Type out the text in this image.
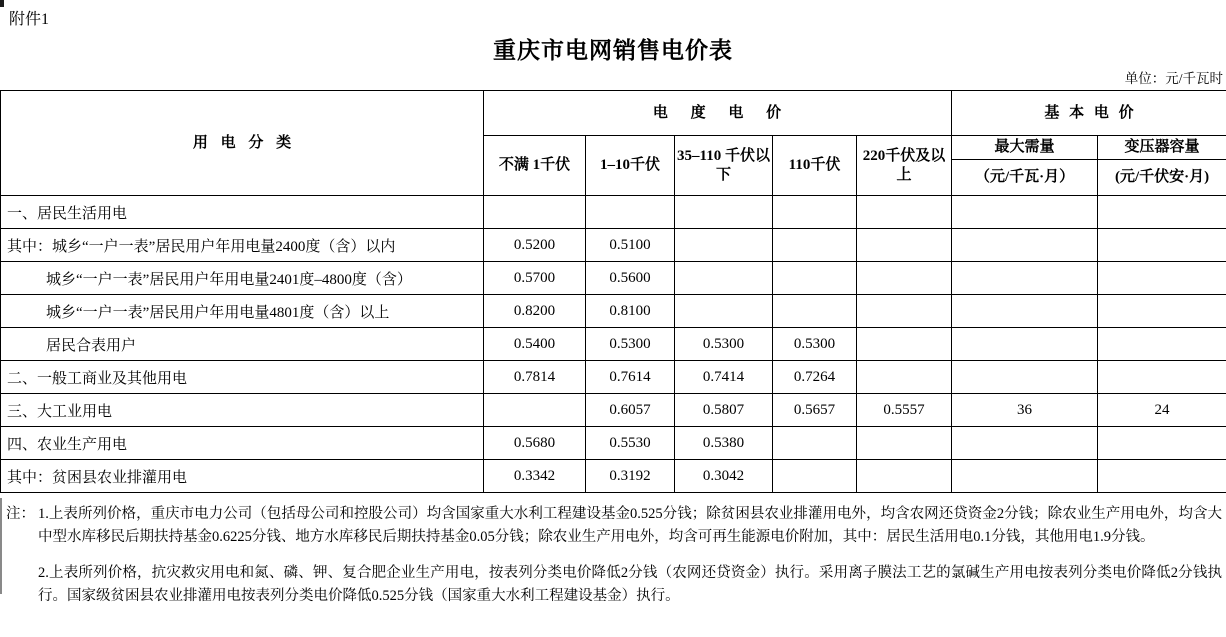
附件1
重庆市电网销售电价表
单位：元/千瓦时
用 电 分 类	电 度 电 价					基 本 电 价	
	不满 1千伏	1–10千伏	35–110 千伏以下	110千伏	220千伏及以上	最大需量	变压器容量
						（元/千瓦·月）	(元/千伏安·月)
一、居民生活用电							
其中：城乡“一户一表”居民用户年用电量2400度（含）以内	0.5200	0.5100					
城乡“一户一表”居民用户年用电量2401度–4800度（含）	0.5700	0.5600					
城乡“一户一表”居民用户年用电量4801度（含）以上	0.8200	0.8100					
居民合表用户	0.5400	0.5300	0.5300	0.5300			
二、一般工商业及其他用电	0.7814	0.7614	0.7414	0.7264			
三、大工业用电		0.6057	0.5807	0.5657	0.5557	36	24
四、农业生产用电	0.5680	0.5530	0.5380				
其中：贫困县农业排灌用电	0.3342	0.3192	0.3042				
注： 1.上表所列价格，重庆市电力公司（包括母公司和控股公司）均含国家重大水利工程建设基金0.525分钱；除贫困县农业排灌用电外，均含农网还贷资金2分钱；除农业生产用电外，均含大中型水库移民后期扶持基金0.6225分钱、地方水库移民后期扶持基金0.05分钱；除农业生产用电外，均含可再生能源电价附加，其中：居民生活用电0.1分钱，其他用电1.9分钱。

2.上表所列价格，抗灾救灾用电和氮、磷、钾、复合肥企业生产用电，按表列分类电价降低2分钱（农网还贷资金）执行。采用离子膜法工艺的氯碱生产用电按表列分类电价降低2分钱执行。国家级贫困县农业排灌用电按表列分类电价降低0.525分钱（国家重大水利工程建设基金）执行。
